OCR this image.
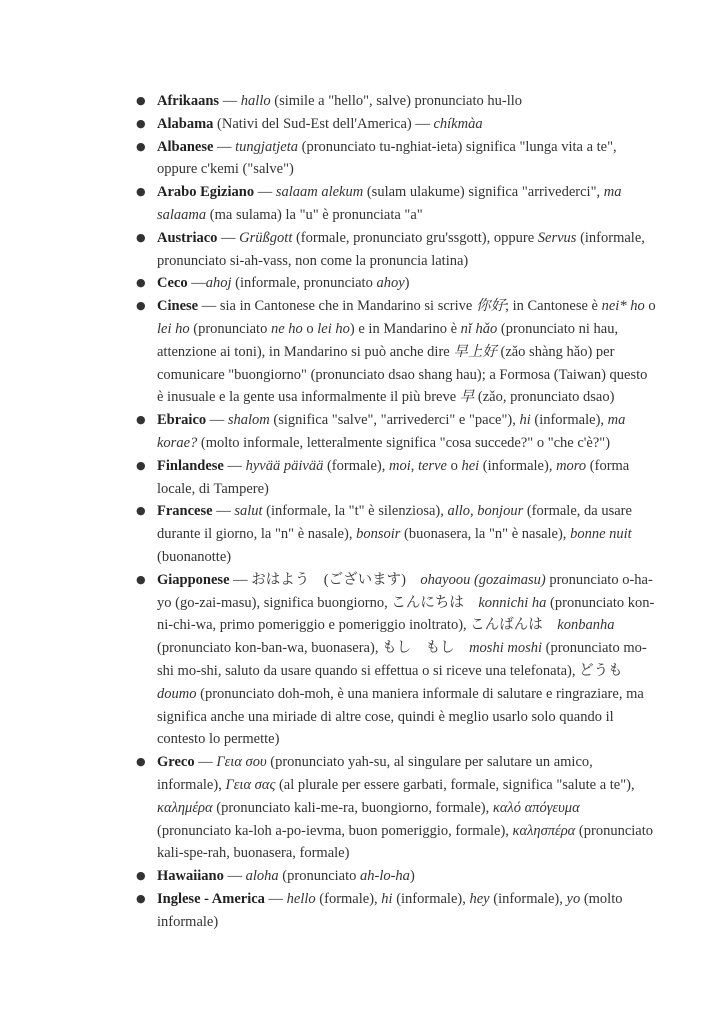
● Afrikaans — hallo (simile a "hello", salve) pronunciato hu-llo
● Alabama (Nativi del Sud-Est dell'America) — chíkmàa
● Albanese — tungjatjeta (pronunciato tu-nghiat-ieta) significa "lunga vita a te", oppure c'kemi ("salve")
● Arabo Egiziano — salaam alekum (sulam ulakume) significa "arrivederci", ma salaama (ma sulama) la "u" è pronunciata "a"
● Austriaco — Grüßgott (formale, pronunciato gru'ssgott), oppure Servus (informale, pronunciato si-ah-vass, non come la pronuncia latina)
● Ceco —ahoj (informale, pronunciato ahoy)
● Cinese — sia in Cantonese che in Mandarino si scrive 你好; in Cantonese è nei* ho o lei ho (pronunciato ne ho o lei ho) e in Mandarino è nǐ hǎo (pronunciato ni hau, attenzione ai toni), in Mandarino si può anche dire 早上好 (zǎo shàng hǎo) per comunicare "buongiorno" (pronunciato dsao shang hau); a Formosa (Taiwan) questo è inusuale e la gente usa informalmente il più breve 早 (zǎo, pronunciato dsao)
● Ebraico — shalom (significa "salve", "arrivederci" e "pace"), hi (informale), ma korae? (molto informale, letteralmente significa "cosa succede?" o "che c'è?")
● Finlandese — hyvää päivää (formale), moi, terve o hei (informale), moro (forma locale, di Tampere)
● Francese — salut (informale, la "t" è silenziosa), allo, bonjour (formale, da usare durante il giorno, la "n" è nasale), bonsoir (buonasera, la "n" è nasale), bonne nuit (buonanotte)
● Giapponese — おはよう　(ございます)　ohayoou (gozaimasu) pronunciato o-ha-yo (go-zai-masu), significa buongiorno, こんにちは　konnichi ha (pronunciato kon-ni-chi-wa, primo pomeriggio e pomeriggio inoltrato), こんばんは　konbanha (pronunciato kon-ban-wa, buonasera), もし　もし　moshi moshi (pronunciato mo-shi mo-shi, saluto da usare quando si effettua o si riceve una telefonata), どうも doumo (pronunciato doh-moh, è una maniera informale di salutare e ringraziare, ma significa anche una miriade di altre cose, quindi è meglio usarlo solo quando il contesto lo permette)
● Greco — Γεια σου (pronunciato yah-su, al singulare per salutare un amico, informale), Γεια σας (al plurale per essere garbati, formale, significa "salute a te"), καλημέρα (pronunciato kali-me-ra, buongiorno, formale), καλό απόγευμα (pronunciato ka-loh a-po-ievma, buon pomeriggio, formale), καλησπέρα (pronunciato kali-spe-rah, buonasera, formale)
● Hawaiiano — aloha (pronunciato ah-lo-ha)
● Inglese - America — hello (formale), hi (informale), hey (informale), yo (molto informale)
